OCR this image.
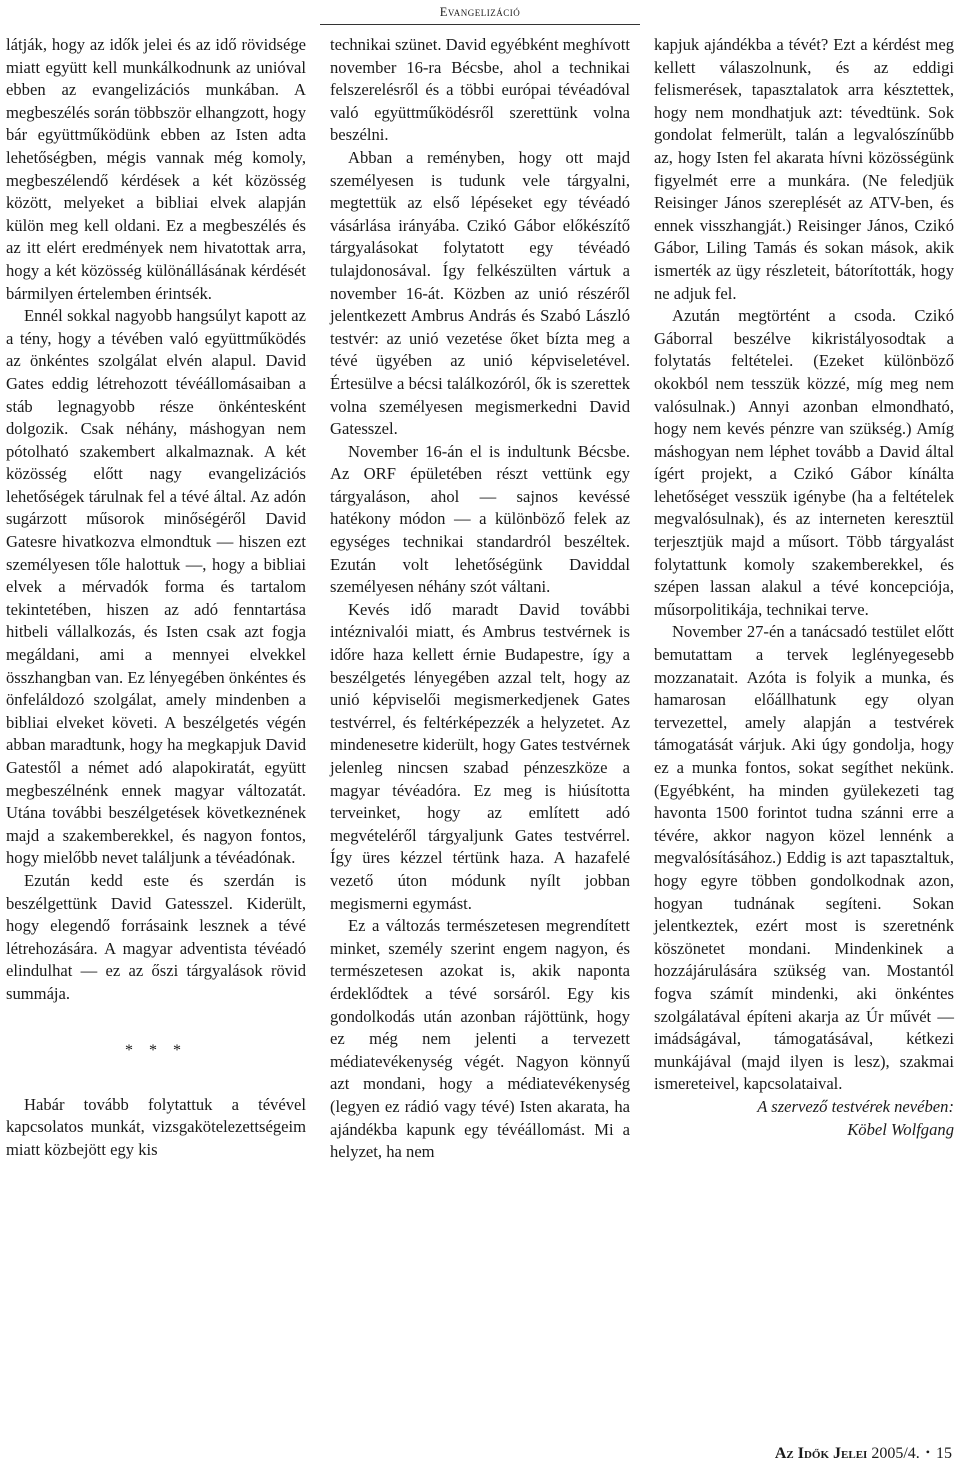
Evangelizáció

látják, hogy az idők jelei és az idő rövidsége miatt együtt kell munkálkodnunk az unióval ebben az evangelizációs munkában. A megbeszélés során többször elhangzott, hogy bár együttműködünk ebben az Isten adta lehetőségben, mégis vannak még komoly, megbeszélendő kérdések a két közösség között, melyeket a bibliai elvek alapján külön meg kell oldani. Ez a megbeszélés és az itt elért eredmények nem hivatottak arra, hogy a két közösség különállásának kérdését bármilyen értelemben érintsék.

Ennél sokkal nagyobb hangsúlyt kapott az a tény, hogy a tévében való együttműködés az önkéntes szolgálat elvén alapul. David Gates eddig létrehozott tévéállomásaiban a stáb legnagyobb része önkéntesként dolgozik. Csak néhány, máshogyan nem pótolható szakembert alkalmaznak. A két közösség előtt nagy evangelizációs lehetőségek tárulnak fel a tévé által. Az adón sugárzott műsorok minőségéről David Gatesre hivatkozva elmondtuk — hiszen ezt személyesen tőle halottuk —, hogy a bibliai elvek a mérvadók forma és tartalom tekintetében, hiszen az adó fenntartása hitbeli vállalkozás, és Isten csak azt fogja megáldani, ami a mennyei elvekkel összhangban van. Ez lényegében önkéntes és önfeláldozó szolgálat, amely mindenben a bibliai elveket követi. A beszélgetés végén abban maradtunk, hogy ha megkapjuk David Gatestől a német adó alapokiratát, együtt megbeszélnénk ennek magyar változatát. Utána további beszélgetések következnének majd a szakemberekkel, és nagyon fontos, hogy mielőbb nevet találjunk a tévéadónak.

Ezután kedd este és szerdán is beszélgettünk David Gatesszel. Kiderült, hogy elegendő forrásaink lesznek a tévé létrehozására. A magyar adventista tévéadó elindulhat — ez az őszi tárgyalások rövid summája.

* * *

Habár tovább folytattuk a tévével kapcsolatos munkát, vizsgakötelezettségeim miatt közbejött egy kis

technikai szünet. David egyébként meghívott november 16-ra Bécsbe, ahol a technikai felszerelésről és a többi európai tévéadóval való együttműködésről szerettünk volna beszélni.

Abban a reményben, hogy ott majd személyesen is tudunk vele tárgyalni, megtettük az első lépéseket egy tévéadó vásárlása irányába. Czikó Gábor előkészítő tárgyalásokat folytatott egy tévéadó tulajdonosával. Így felkészülten vártuk a november 16-át. Közben az unió részéről jelentkezett Ambrus András és Szabó László testvér: az unió vezetése őket bízta meg a tévé ügyében az unió képviseletével. Értesülve a bécsi találkozóról, ők is szerettek volna személyesen megismerkedni David Gatesszel.

November 16-án el is indultunk Bécsbe. Az ORF épületében részt vettünk egy tárgyaláson, ahol — sajnos kevéssé hatékony módon — a különböző felek az egységes technikai standardról beszéltek. Ezután volt lehetőségünk Daviddal személyesen néhány szót váltani.

Kevés idő maradt David további intéznivalói miatt, és Ambrus testvérnek is időre haza kellett érnie Budapestre, így a beszélgetés lényegében azzal telt, hogy az unió képviselői megismerkedjenek Gates testvérrel, és feltérképezzék a helyzetet. Az mindenesetre kiderült, hogy Gates testvérnek jelenleg nincsen szabad pénzeszköze a magyar tévéadóra. Ez meg is hiúsította terveinket, hogy az említett adó megvételéről tárgyaljunk Gates testvérrel. Így üres kézzel tértünk haza. A hazafelé vezető úton módunk nyílt jobban megismerni egymást.

Ez a változás természetesen megrendített minket, személy szerint engem nagyon, és természetesen azokat is, akik naponta érdeklődtek a tévé sorsáról. Egy kis gondolkodás után azonban rájöttünk, hogy ez még nem jelenti a tervezett médiatevékenység végét. Nagyon könnyű azt mondani, hogy a médiatevékenység (legyen ez rádió vagy tévé) Isten akarata, ha ajándékba kapunk egy tévéállomást. Mi a helyzet, ha nem

kapjuk ajándékba a tévét? Ezt a kérdést meg kellett válaszolnunk, és az eddigi felismerések, tapasztalatok arra késztettek, hogy nem mondhatjuk azt: tévedtünk. Sok gondolat felmerült, talán a legvalószínűbb az, hogy Isten fel akarata hívni közösségünk figyelmét erre a munkára. (Ne feledjük Reisinger János szereplését az ATV-ben, és ennek visszhangját.) Reisinger János, Czikó Gábor, Liling Tamás és sokan mások, akik ismerték az ügy részleteit, bátorították, hogy ne adjuk fel.

Azután megtörtént a csoda. Czikó Gáborral beszélve kikristályosodtak a folytatás feltételei. (Ezeket különböző okokból nem tesszük közzé, míg meg nem valósulnak.) Annyi azonban elmondható, hogy nem kevés pénzre van szükség.) Amíg máshogyan nem léphet tovább a David által ígért projekt, a Czikó Gábor kínálta lehetőséget vesszük igénybe (ha a feltételek megvalósulnak), és az interneten keresztül terjesztjük majd a műsort. Több tárgyalást folytattunk komoly szakemberekkel, és szépen lassan alakul a tévé koncepciója, műsorpolitikája, technikai terve.

November 27-én a tanácsadó testület előtt bemutattam a tervek leglényegesebb mozzanatait. Azóta is folyik a munka, és hamarosan előállhatunk egy olyan tervezettel, amely alapján a testvérek támogatását várjuk. Aki úgy gondolja, hogy ez a munka fontos, sokat segíthet nekünk. (Egyébként, ha minden gyülekezeti tag havonta 1500 forintot tudna szánni erre a tévére, akkor nagyon közel lennénk a megvalósításához.) Eddig is azt tapasztaltuk, hogy egyre többen gondolkodnak azon, hogyan tudnának segíteni. Sokan jelentkeztek, ezért most is szeretnénk köszönetet mondani. Mindenkinek a hozzájárulására szükség van. Mostantól fogva számít mindenki, aki önkéntes szolgálatával építeni akarja az Úr művét — imádságával, támogatásával, kétkezi munkájával (majd ilyen is lesz), szakmai ismereteivel, kapcsolataival.

A szervező testvérek nevében:
Köbel Wolfgang

Az Idők Jelei 2005/4. • 15
